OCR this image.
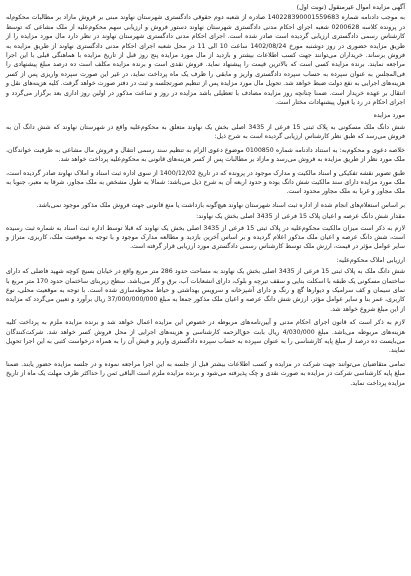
آگهی مزایده اموال غیرمنقول (نوبت اول)

به موجب دادنامه شماره 140228390001559683 صادره از شعبه دوم حقوقی دادگستری شهرستان نهاوند مبنی بر فروش مازاد بر مطالبات محکوم‌له در پرونده کلاسه 0200628 شعبه اجرای احکام مدنی دادگستری شهرستان نهاوند دستور فروش و ارزیابی سهم محکوم‌علیه از ملک مشاعی که توسط کارشناس رسمی دادگستری ارزیابی گردیده است صادر شده است. اجرای احکام مدنی دادگستری شهرستان نهاوند در نظر دارد مال مورد مزایده را از طریق مزایده حضوری در روز دوشنبه مورخ 1402/08/24 ساعت 10 الی 11 در محل شعبه اجرای احکام مدنی دادگستری نهاوند از طریق مزایده به فروش برساند. خریداران می‌توانند جهت کسب اطلاعات بیشتر و بازدید از مال مورد مزایده پنج روز قبل از تاریخ مزایده با هماهنگی قبلی با این اجرا مراجعه نمایند. برنده مزایده کسی است که بالاترین قیمت را پیشنهاد نماید. فروش نقدی است و برنده مزایده مکلف است ده درصد مبلغ پیشنهادی را فی‌المجلس به عنوان سپرده به حساب سپرده دادگستری واریز و مابقی را ظرف یک ماه پرداخت نماید، در غیر این صورت سپرده واریزی پس از کسر هزینه‌های اجرایی به نفع دولت ضبط خواهد شد. تحویل مال مورد مزایده پس از تنظیم صورتجلسه و ثبت در دفتر صورت خواهد گرفت. کلیه هزینه‌های نقل و انتقال بر عهده خریدار است. ضمنا چنانچه روز مزایده مصادف با تعطیلی باشد مزایده در روز و ساعت مذکور در اولین روز اداری بعد برگزار می‌گردد و اجرای احکام در رد یا قبول پیشنهادات مختار است.

مورد مزایده

شش دانگ ملک مسکونی به پلاک ثبتی 15 فرعی از 3435 اصلی بخش یک نهاوند متعلق به محکوم‌علیه واقع در شهرستان نهاوند که شش دانگ آن به فروش می‌رسد که طبق نظر کارشناس ارزیابی گردیده است به شرح ذیل:

خلاصه دعوی و محکوم‌به: به استناد دادنامه شماره 0100850 موضوع دعوی الزام به تنظیم سند رسمی انتقال و فروش مال مشاعی به طرفیت خواندگان، ملک مورد نظر از طریق مزایده به فروش می‌رسد و مازاد بر مطالبات پس از کسر هزینه‌های قانونی به محکوم‌علیه پرداخت خواهد شد.

طبق تصویر نقشه تفکیکی و اسناد مالکیت و مدارک موجود در پرونده که در تاریخ 1400/12/02 از سوی اداره ثبت اسناد و املاک نهاوند صادر گردیده است، ملک مورد مزایده دارای سند مالکیت شش دانگ بوده و حدود اربعه آن به شرح ذیل می‌باشد: شمالا به طول مشخص به ملک مجاور، شرقا به معبر، جنوبا به ملک مجاور و غربا به ملک مجاور محدود است.

بر اساس استعلام‌های انجام شده از اداره ثبت اسناد شهرستان نهاوند هیچ‌گونه بازداشت یا منع قانونی جهت فروش ملک مذکور موجود نمی‌باشد.

مقدار شش دانگ عرصه و اعیان پلاک 15 فرعی از 3435 اصلی بخش یک نهاوند:

لازم به ذکر است میزان مالکیت محکوم‌علیه در پلاک ثبتی 15 فرعی از 3435 اصلی بخش یک نهاوند که قبلا توسط اداره ثبت اسناد به شماره ثبت رسیده است، شش دانگ عرصه و اعیان ملک مذکور اعلام گردیده و بر اساس آخرین بازدید و مطالعه مدارک موجود و با توجه به موقعیت ملک، کاربری، متراژ و سایر عوامل مؤثر در قیمت، ارزش ملک توسط کارشناس رسمی دادگستری مورد ارزیابی قرار گرفته است.

ارزیابی املاک محکوم‌علیه:

شش دانگ ملک به پلاک ثبتی 15 فرعی از 3435 اصلی بخش یک نهاوند به مساحت حدود 286 متر مربع واقع در خیابان بسیج کوچه شهید فاضلی که دارای ساختمان مسکونی یک طبقه با اسکلت بنایی و سقف تیرچه و بلوک، دارای انشعابات آب، برق و گاز می‌باشد. سطح زیربنای ساختمان حدود 170 متر مربع با نمای سیمان و کف سرامیک و دیوارها گچ و رنگ و دارای آشپزخانه و سرویس بهداشتی و حیاط محوطه‌سازی شده است. با توجه به موقعیت محلی، نوع کاربری، عمر بنا و سایر عوامل مؤثر، ارزش شش دانگ عرصه و اعیان ملک مذکور جمعا به مبلغ 37/000/000/000 ریال برآورد و تعیین می‌گردد که مزایده از این مبلغ شروع خواهد شد.

لازم به ذکر است که قانون اجرای احکام مدنی و آیین‌نامه‌های مربوطه در خصوص این مزایده اعمال خواهد شد و برنده مزایده ملزم به پرداخت کلیه هزینه‌های مربوطه می‌باشد. مبلغ 4/030/000 ریال بابت حق‌الزحمه کارشناسی و هزینه‌های اجرایی از محل فروش کسر خواهد شد. شرکت‌کنندگان می‌بایست ده درصد از مبلغ پایه کارشناسی را به عنوان سپرده به حساب سپرده دادگستری واریز و فیش آن را به همراه درخواست کتبی به این اجرا تحویل نمایند.

تمامی متقاضیان می‌توانند جهت شرکت در مزایده و کسب اطلاعات بیشتر قبل از جلسه به این اجرا مراجعه نموده و در جلسه مزایده حضور یابند. ضمنا مبلغ پایه کارشناسی شرکت در مزایده به صورت نقدی و چک پذیرفته می‌شود و برنده مزایده ملزم است الباقی ثمن را حداکثر ظرف مهلت یک ماه از تاریخ مزایده پرداخت نماید.
